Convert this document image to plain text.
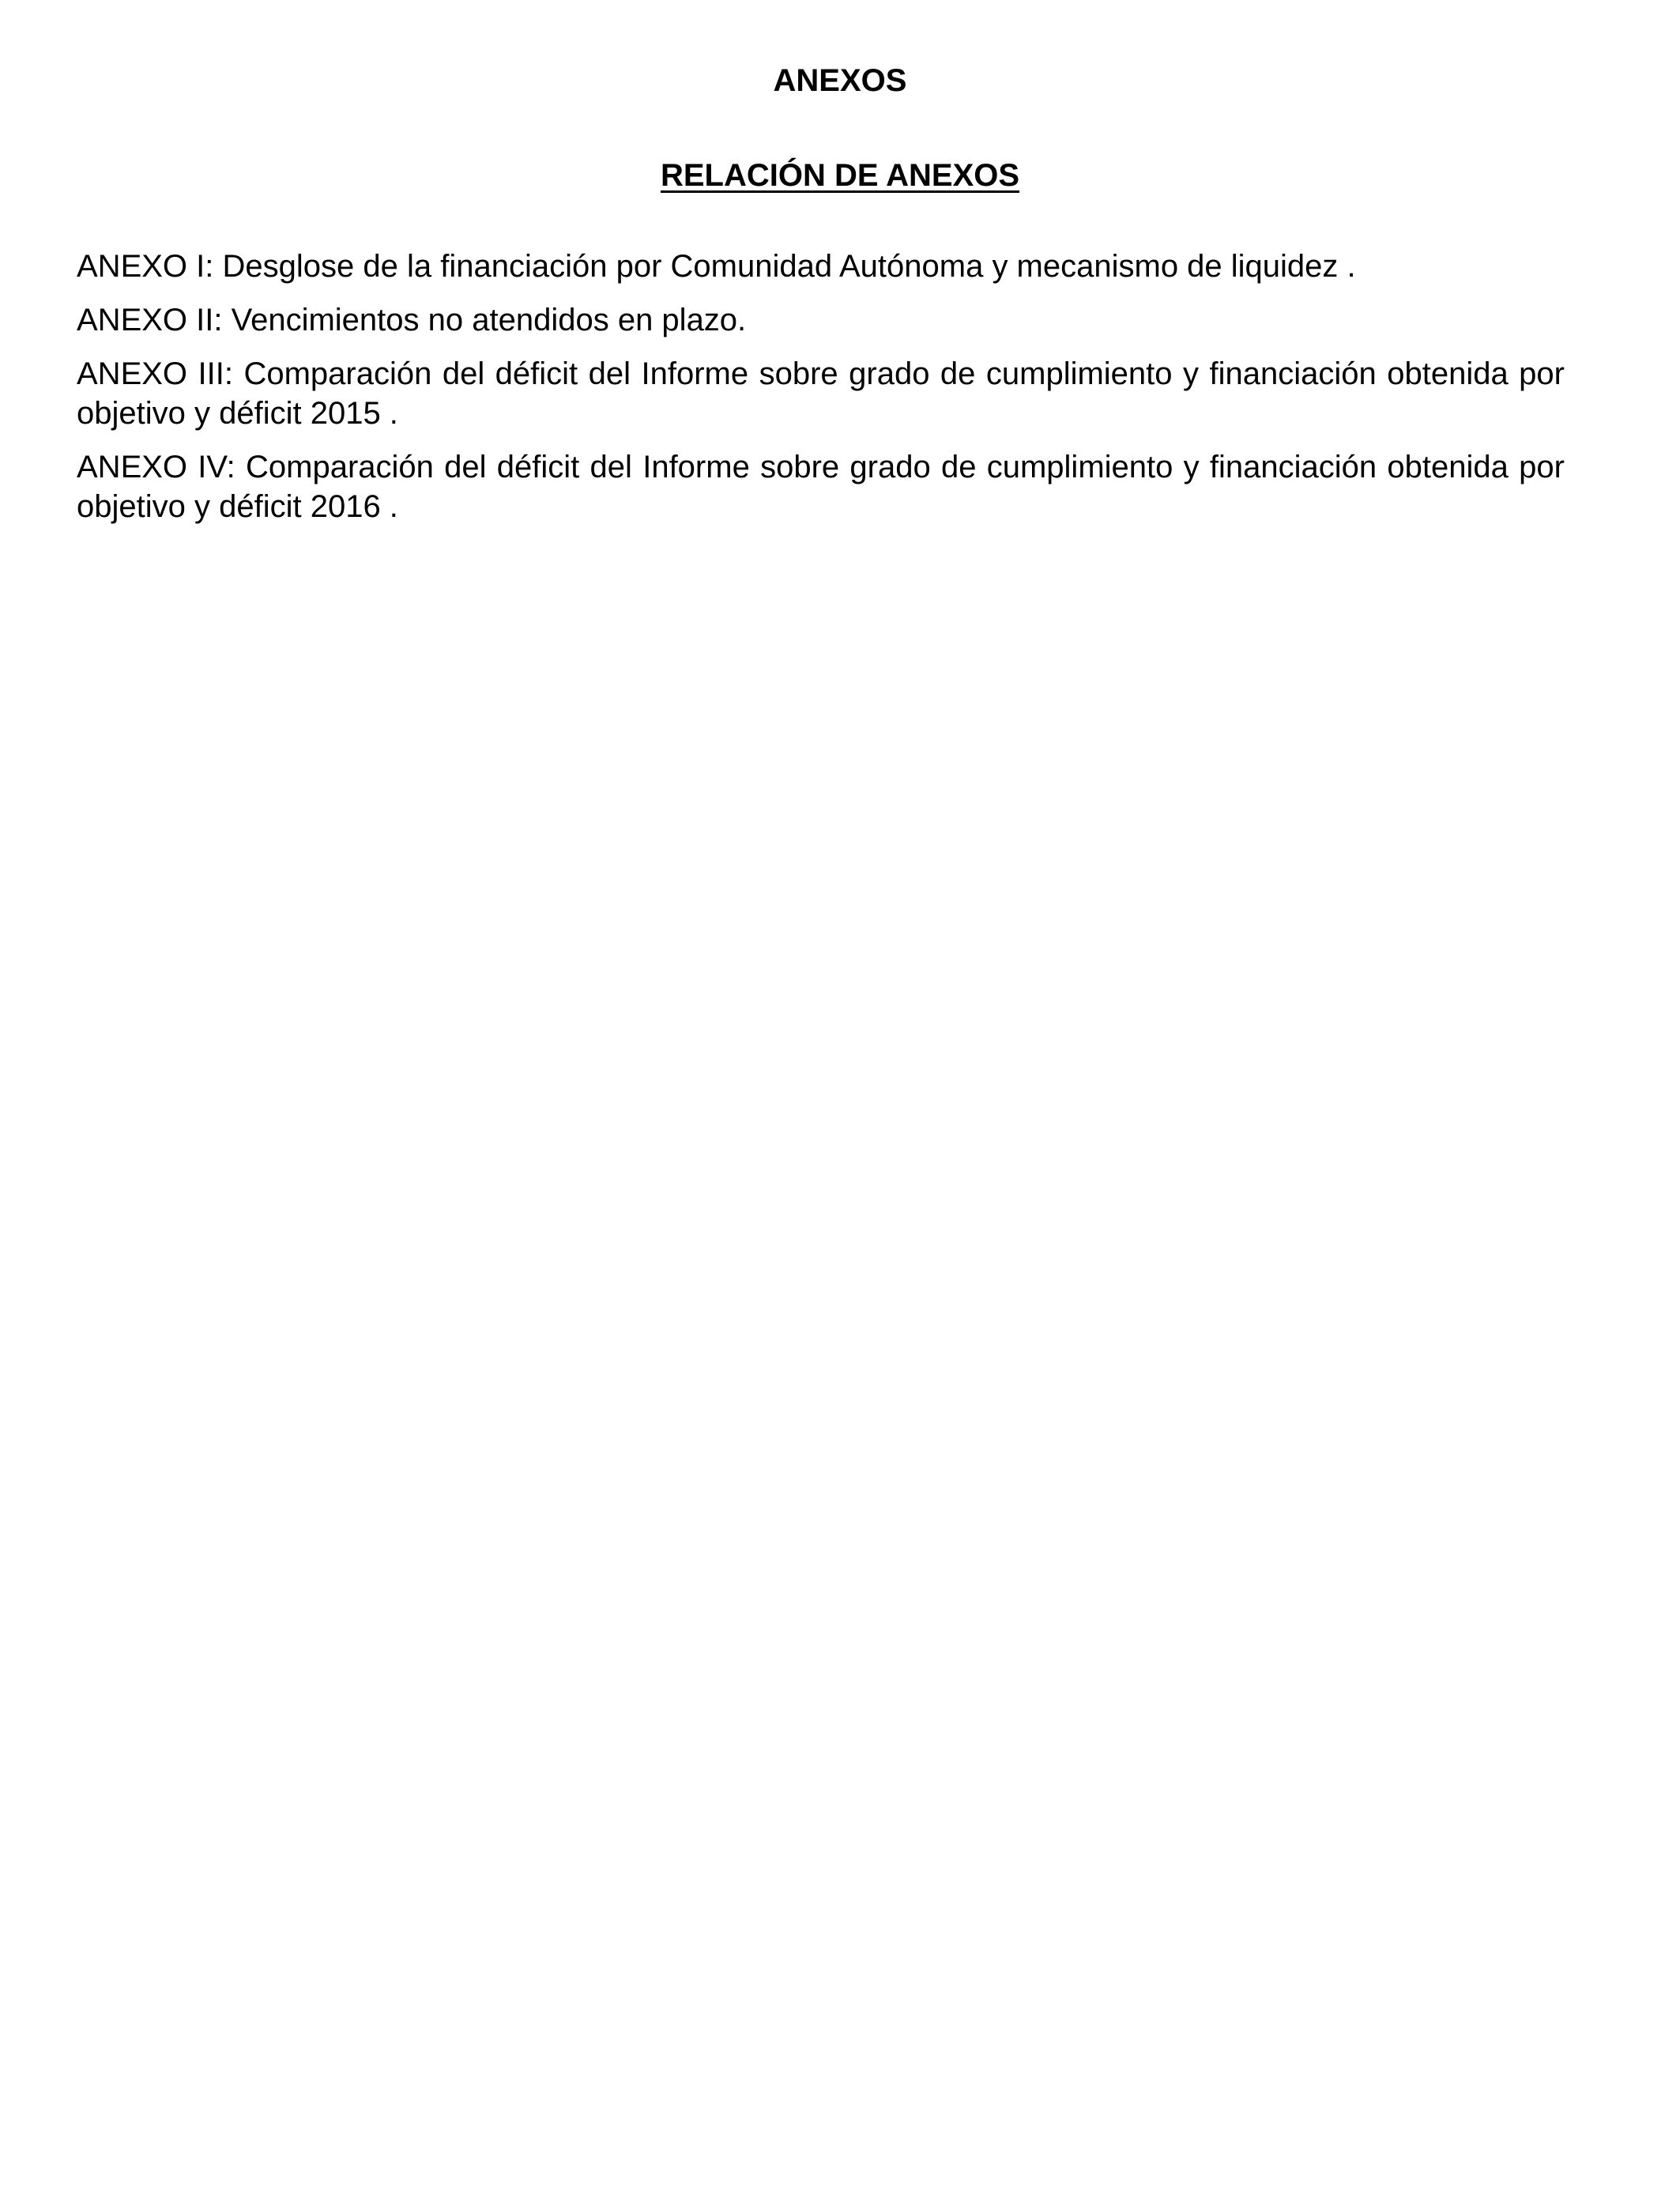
ANEXOS
RELACIÓN DE ANEXOS
ANEXO I: Desglose de la financiación por Comunidad Autónoma y mecanismo de liquidez .
ANEXO II: Vencimientos no atendidos en plazo.
ANEXO III: Comparación del déficit del Informe sobre grado de cumplimiento y financiación obtenida por objetivo y déficit 2015 .
ANEXO IV: Comparación del déficit del Informe sobre grado de cumplimiento y financiación obtenida por objetivo y déficit 2016 .
